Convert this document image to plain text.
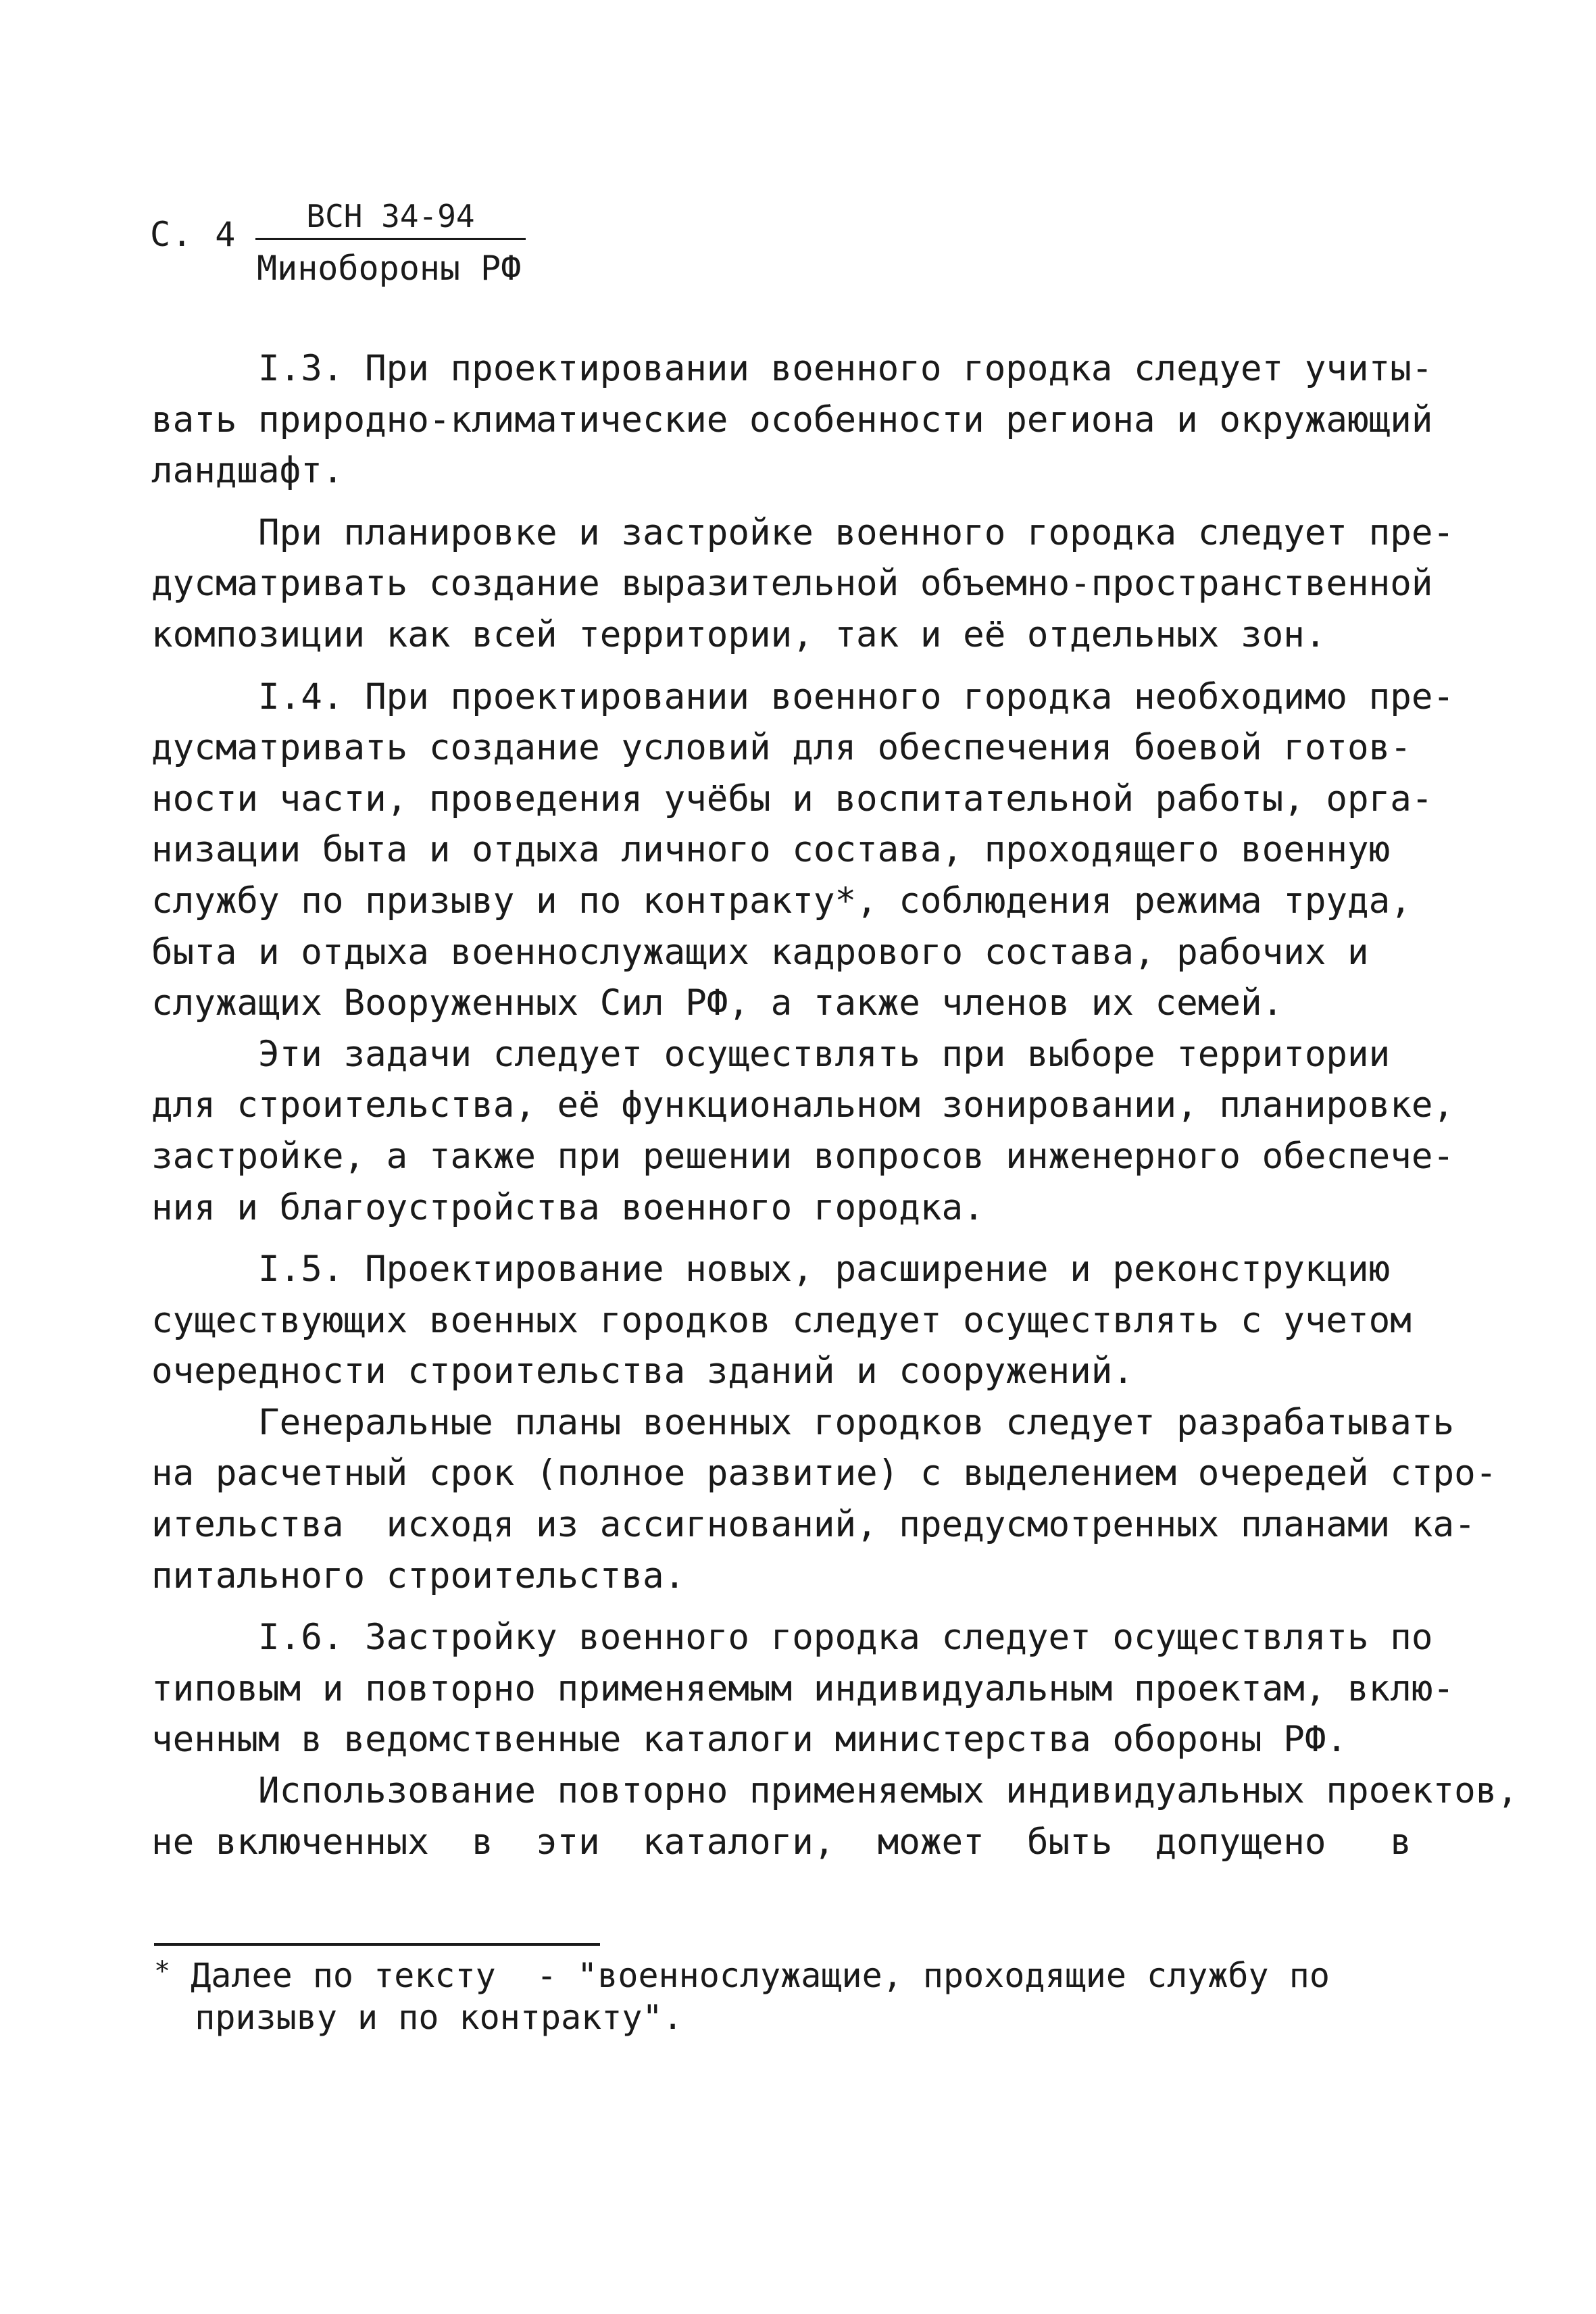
С. 4	ВСН 34-94
Минобороны РФ

I.3. При проектировании военного городка следует учиты-

вать природно-климатические особенности региона и окружающий

ландшафт.

При планировке и застройке военного городка следует пре-

дусматривать создание выразительной объемно-пространственной

композиции как всей территории, так и её отдельных зон.

I.4. При проектировании военного городка необходимо пре-

дусматривать создание условий для обеспечения боевой готов-

ности части, проведения учёбы и воспитательной работы, орга-

низации быта и отдыха личного состава, проходящего военную

службу по призыву и по контракту*, соблюдения режима труда,

быта и отдыха военнослужащих кадрового состава, рабочих и

служащих Вооруженных Сил РФ, а также членов их семей.

Эти задачи следует осуществлять при выборе территории

для строительства, её функциональном зонировании, планировке,

застройке, а также при решении вопросов инженерного обеспече-

ния и благоустройства военного городка.

I.5. Проектирование новых, расширение и реконструкцию

существующих военных городков следует осуществлять с учетом

очередности строительства зданий и сооружений.

Генеральные планы военных городков следует разрабатывать

на расчетный срок (полное развитие) с выделением очередей стро-

ительства  исходя из ассигнований, предусмотренных планами ка-

питального строительства.

I.6. Застройку военного городка следует осуществлять по

типовым и повторно применяемым индивидуальным проектам, вклю-

ченным в ведомственные каталоги министерства обороны РФ.

Использование повторно применяемых индивидуальных проектов,

не включенных  в  эти  каталоги,  может  быть  допущено   в

* Далее по тексту  - "военнослужащие, проходящие службу по

призыву и по контракту".
